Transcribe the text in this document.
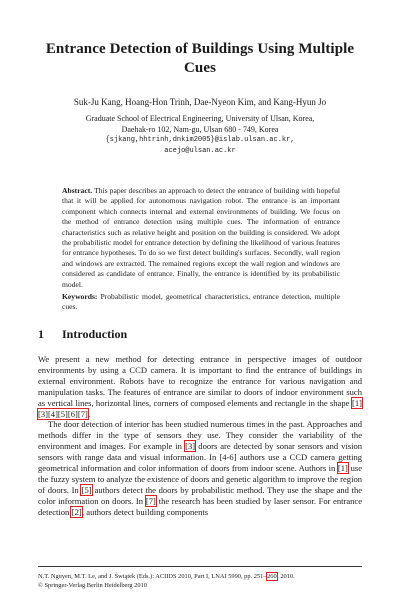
Entrance Detection of Buildings Using Multiple Cues
Suk-Ju Kang, Hoang-Hon Trinh, Dae-Nyeon Kim, and Kang-Hyun Jo
Graduate School of Electrical Engineering, University of Ulsan, Korea,
Daehak-ro 102, Nam-gu, Ulsan 680 - 749, Korea
{sjkang,hhtrinh,dnkim2005}@islab.ulsan.ac.kr,
acejo@ulsan.ac.kr
Abstract. This paper describes an approach to detect the entrance of building with hopeful that it will be applied for autonomous navigation robot. The entrance is an important component which connects internal and external environments of building. We focus on the method of entrance detection using multiple cues. The information of entrance characteristics such as relative height and position on the building is considered. We adopt the probabilistic model for entrance detection by defining the likelihood of various features for entrance hypotheses. To do so we first detect building's surfaces. Secondly, wall region and windows are extracted. The remained regions except the wall region and windows are considered as candidate of entrance. Finally, the entrance is identified by its probabilistic model.
Keywords: Probabilistic model, geometrical characteristics, entrance detection, multiple cues.
1 Introduction

We present a new method for detecting entrance in perspective images of outdoor environments by using a CCD camera. It is important to find the entrance of buildings in external environment. Robots have to recognize the entrance for various navigation and manipulation tasks. The features of entrance are similar to doors of indoor environment such as vertical lines, horizontal lines, corners of composed elements and rectangle in the shape [1][3][4][5][6][7].

The door detection of interior has been studied numerous times in the past. Approaches and methods differ in the type of sensors they use. They consider the variability of the environment and images. For example in [3] doors are detected by sonar sensors and vision sensors with range data and visual information. In [4-6] authors use a CCD camera getting geometrical information and color information of doors from indoor scene. Authors in [1] use the fuzzy system to analyze the existence of doors and genetic algorithm to improve the region of doors. In [5] authors detect the doors by probabilistic method. They use the shape and the color information on doors. In [7] the research has been studied by laser sensor. For entrance detection [2], authors detect building components

N.T. Nguyen, M.T. Le, and J. Świątek (Eds.): ACIIDS 2010, Part I, LNAI 5990, pp. 251–260, 2010.
© Springer-Verlag Berlin Heidelberg 2010
